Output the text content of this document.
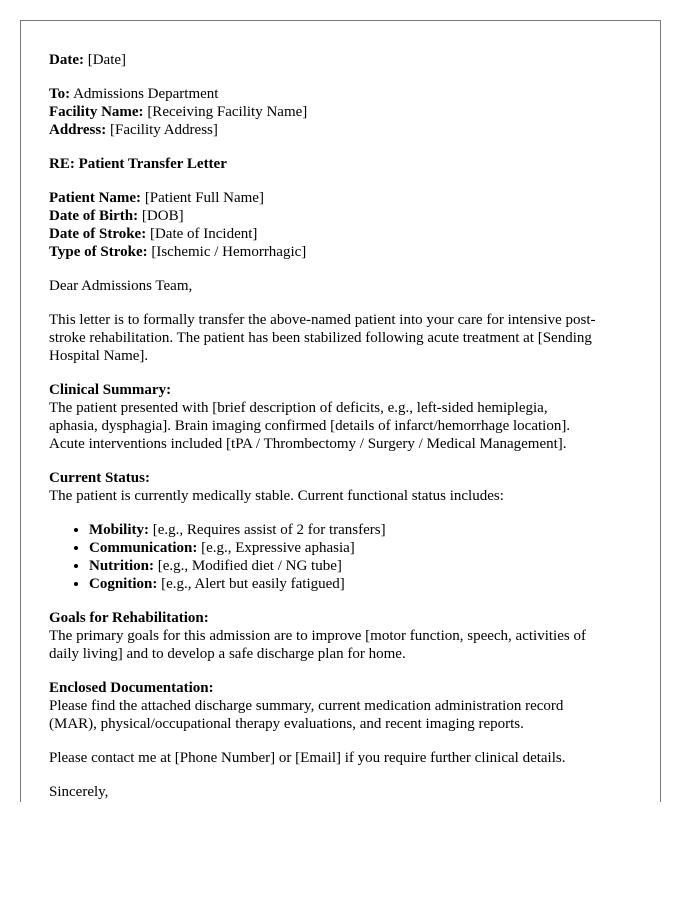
Date: [Date]

To: Admissions Department
Facility Name: [Receiving Facility Name]
Address: [Facility Address]

RE: Patient Transfer Letter

Patient Name: [Patient Full Name]
Date of Birth: [DOB]
Date of Stroke: [Date of Incident]
Type of Stroke: [Ischemic / Hemorrhagic]

Dear Admissions Team,

This letter is to formally transfer the above-named patient into your care for intensive post-
stroke rehabilitation. The patient has been stabilized following acute treatment at [Sending
Hospital Name].

Clinical Summary:
The patient presented with [brief description of deficits, e.g., left-sided hemiplegia,
aphasia, dysphagia]. Brain imaging confirmed [details of infarct/hemorrhage location].
Acute interventions included [tPA / Thrombectomy / Surgery / Medical Management].

Current Status:
The patient is currently medically stable. Current functional status includes:

• Mobility: [e.g., Requires assist of 2 for transfers]
• Communication: [e.g., Expressive aphasia]
• Nutrition: [e.g., Modified diet / NG tube]
• Cognition: [e.g., Alert but easily fatigued]

Goals for Rehabilitation:
The primary goals for this admission are to improve [motor function, speech, activities of
daily living] and to develop a safe discharge plan for home.

Enclosed Documentation:
Please find the attached discharge summary, current medication administration record
(MAR), physical/occupational therapy evaluations, and recent imaging reports.

Please contact me at [Phone Number] or [Email] if you require further clinical details.

Sincerely,
